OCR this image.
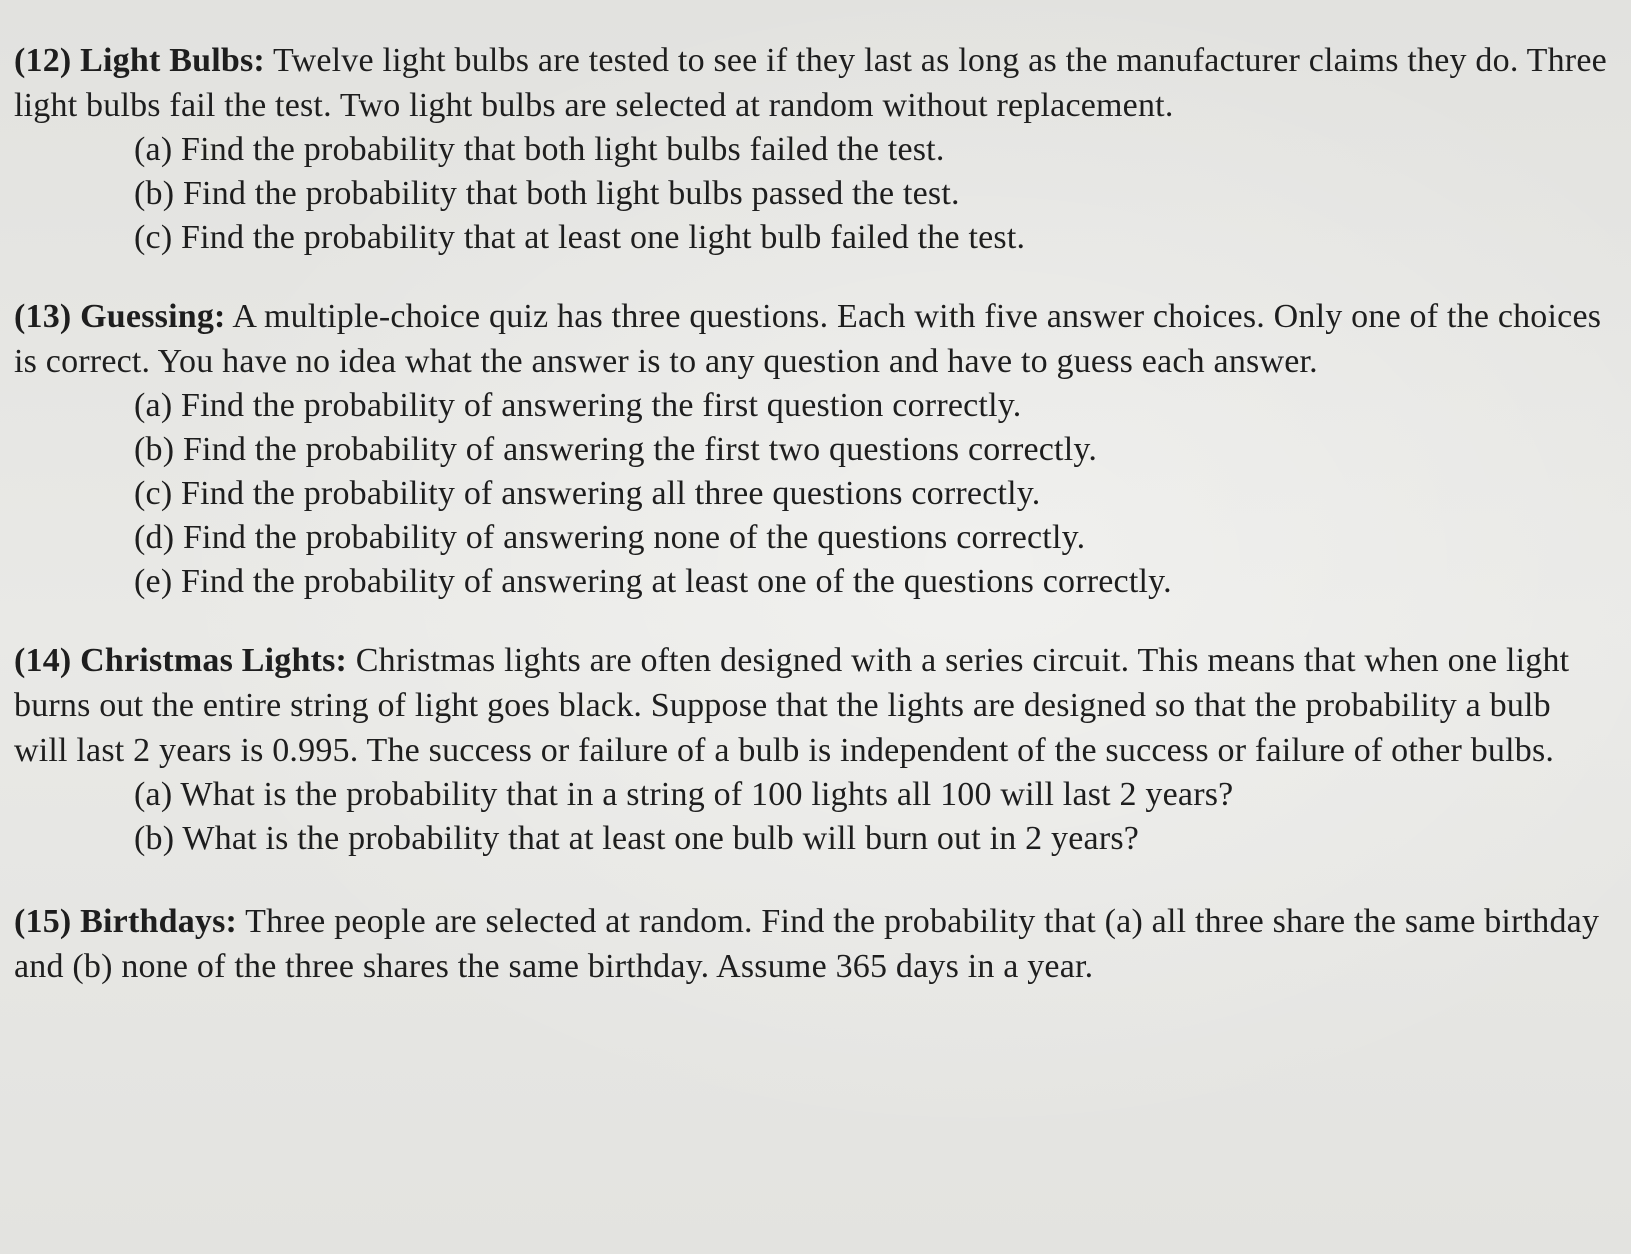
(12) Light Bulbs: Twelve light bulbs are tested to see if they last as long as the manufacturer claims they do. Three light bulbs fail the test. Two light bulbs are selected at random without replacement.

(a) Find the probability that both light bulbs failed the test.
(b) Find the probability that both light bulbs passed the test.
(c) Find the probability that at least one light bulb failed the test.

(13) Guessing: A multiple-choice quiz has three questions. Each with five answer choices. Only one of the choices is correct. You have no idea what the answer is to any question and have to guess each answer.

(a) Find the probability of answering the first question correctly.
(b) Find the probability of answering the first two questions correctly.
(c) Find the probability of answering all three questions correctly.
(d) Find the probability of answering none of the questions correctly.
(e) Find the probability of answering at least one of the questions correctly.

(14) Christmas Lights: Christmas lights are often designed with a series circuit. This means that when one light burns out the entire string of light goes black. Suppose that the lights are designed so that the probability a bulb will last 2 years is 0.995. The success or failure of a bulb is independent of the success or failure of other bulbs.

(a) What is the probability that in a string of 100 lights all 100 will last 2 years?
(b) What is the probability that at least one bulb will burn out in 2 years?

(15) Birthdays: Three people are selected at random. Find the probability that (a) all three share the same birthday and (b) none of the three shares the same birthday. Assume 365 days in a year.
